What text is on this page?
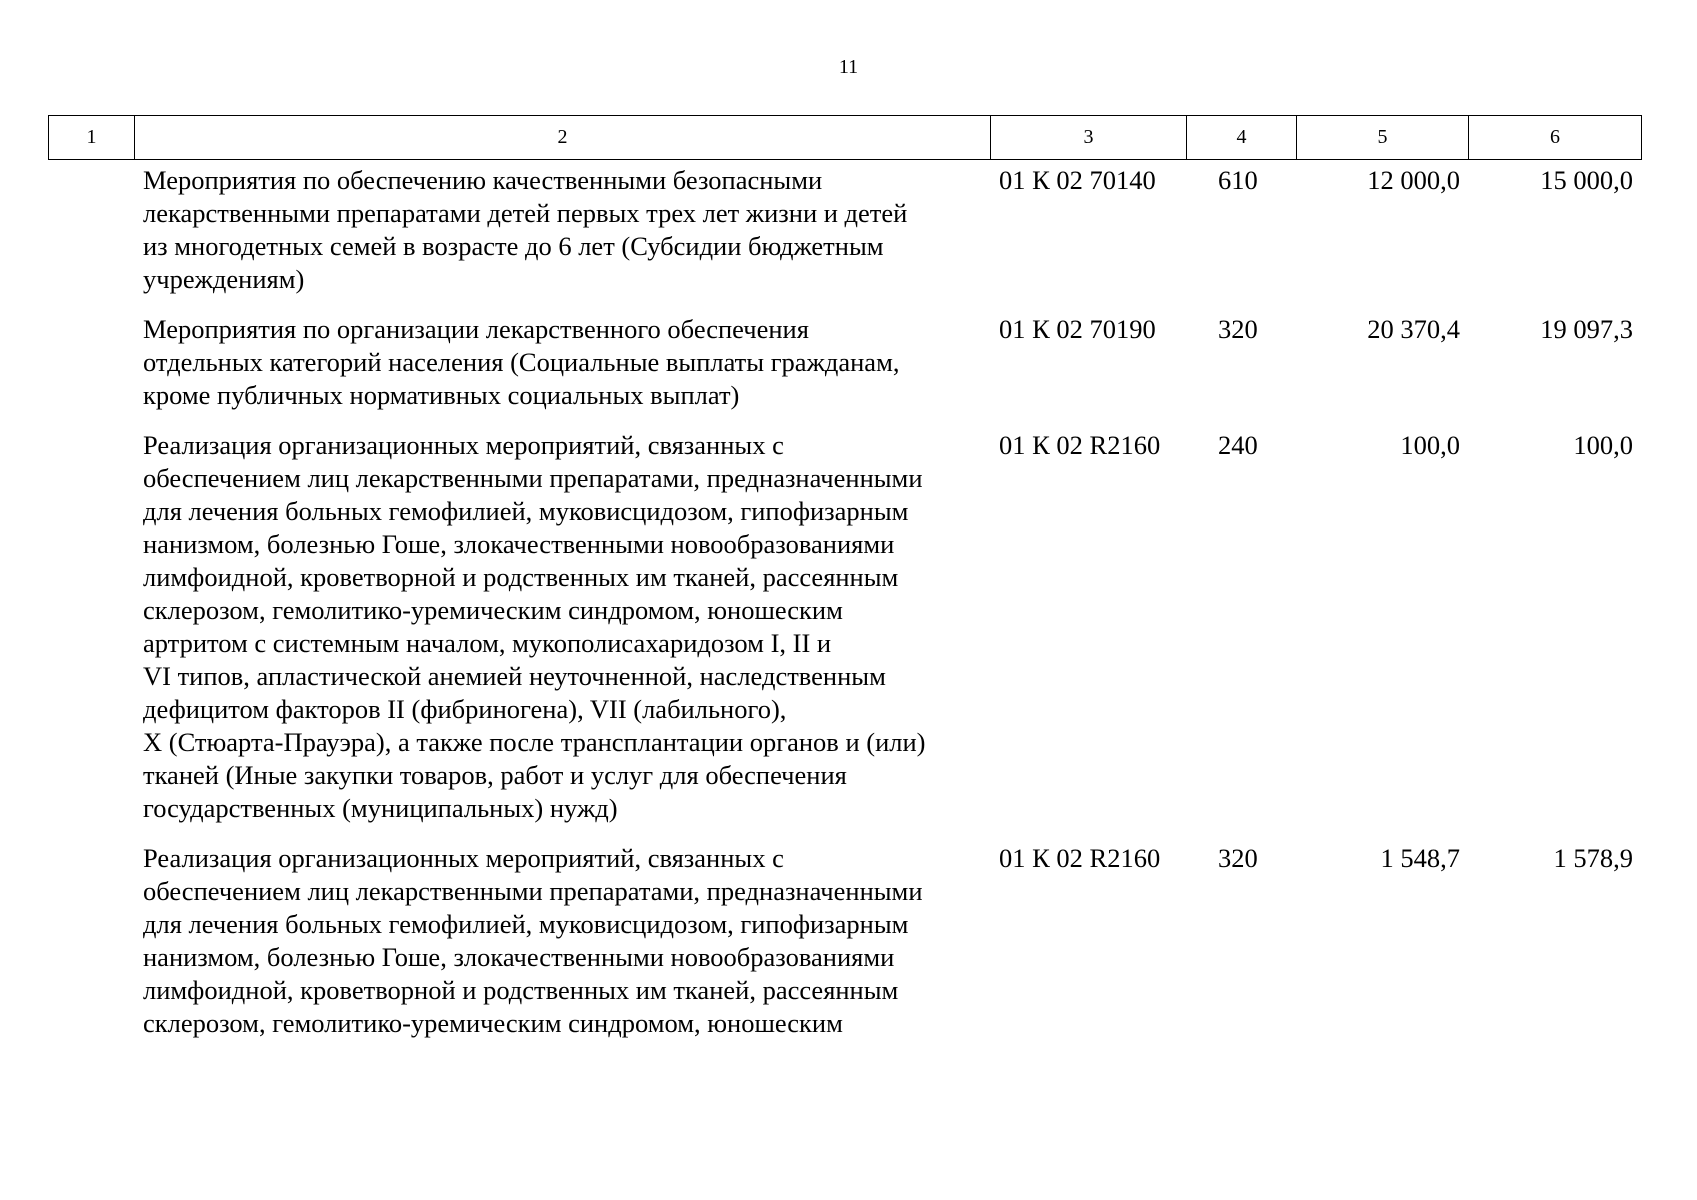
11
1	2	3	4	5	6
Мероприятия по обеспечению качественными безопасными
лекарственными препаратами детей первых трех лет жизни и детей
из многодетных семей в возрасте до 6 лет (Субсидии бюджетным
учреждениям)
01 К 02 70140	610	12 000,0	15 000,0
Мероприятия по организации лекарственного обеспечения
отдельных категорий населения (Социальные выплаты гражданам,
кроме публичных нормативных социальных выплат)
01 К 02 70190	320	20 370,4	19 097,3
Реализация организационных мероприятий, связанных с
обеспечением лиц лекарственными препаратами, предназначенными
для лечения больных гемофилией, муковисцидозом, гипофизарным
нанизмом, болезнью Гоше, злокачественными новообразованиями
лимфоидной, кроветворной и родственных им тканей, рассеянным
склерозом, гемолитико-уремическим синдромом, юношеским
артритом с системным началом, мукополисахаридозом I, II и
VI типов, апластической анемией неуточненной, наследственным
дефицитом факторов II (фибриногена), VII (лабильного),
X (Стюарта-Прауэра), а также после трансплантации органов и (или)
тканей (Иные закупки товаров, работ и услуг для обеспечения
государственных (муниципальных) нужд)
01 К 02 R2160	240	100,0	100,0
Реализация организационных мероприятий, связанных с
обеспечением лиц лекарственными препаратами, предназначенными
для лечения больных гемофилией, муковисцидозом, гипофизарным
нанизмом, болезнью Гоше, злокачественными новообразованиями
лимфоидной, кроветворной и родственных им тканей, рассеянным
склерозом, гемолитико-уремическим синдромом, юношеским
01 К 02 R2160	320	1 548,7	1 578,9
